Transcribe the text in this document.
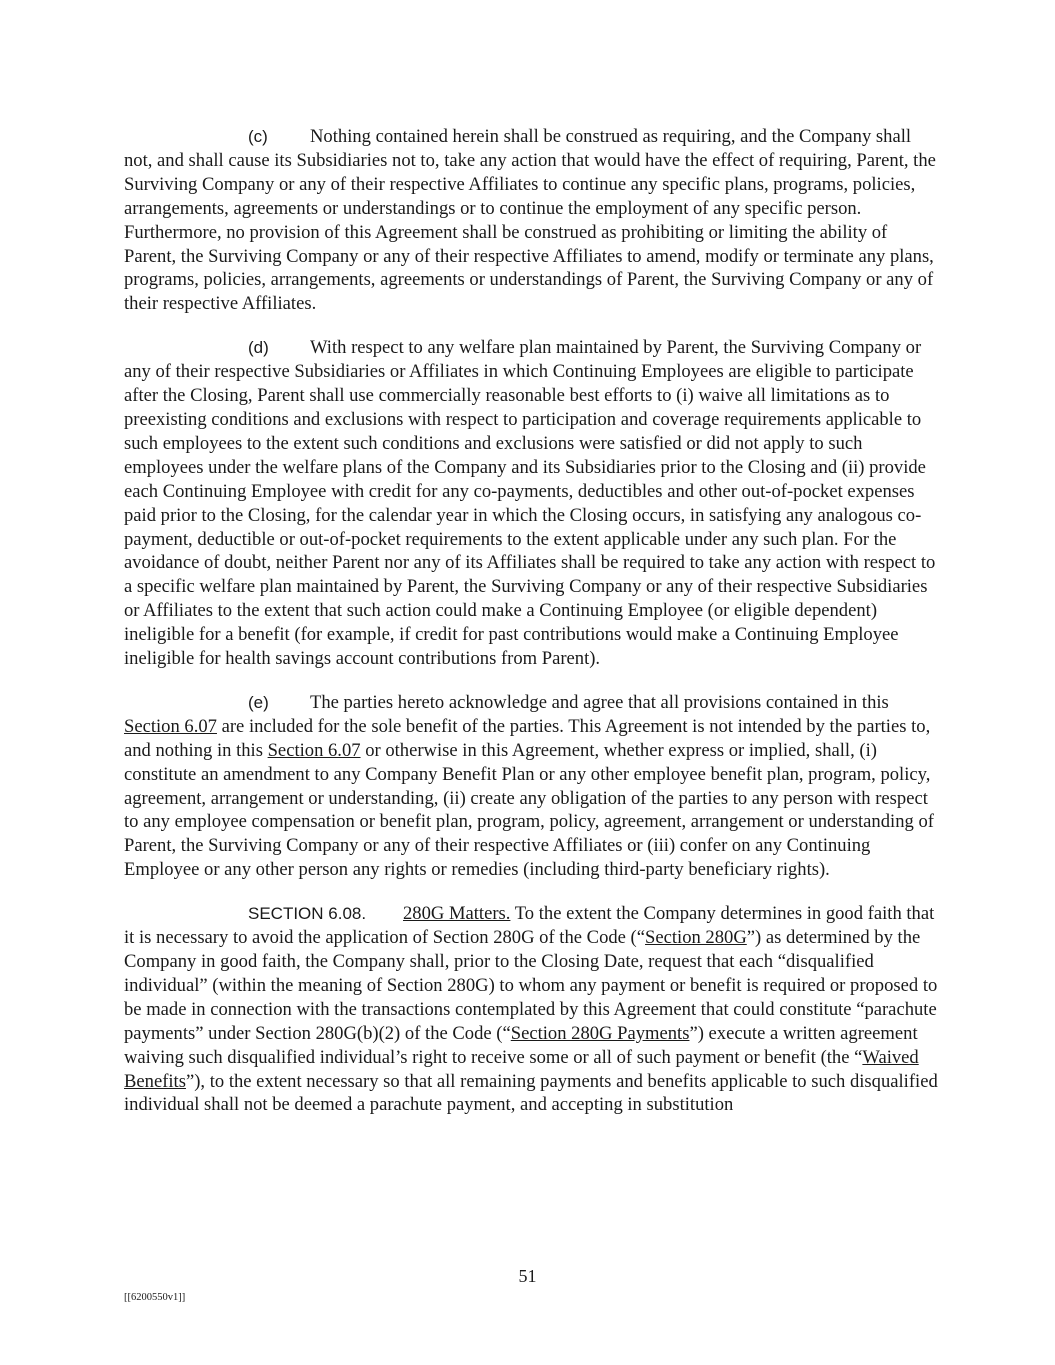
(c) Nothing contained herein shall be construed as requiring, and the Company shall not, and shall cause its Subsidiaries not to, take any action that would have the effect of requiring, Parent, the Surviving Company or any of their respective Affiliates to continue any specific plans, programs, policies, arrangements, agreements or understandings or to continue the employment of any specific person. Furthermore, no provision of this Agreement shall be construed as prohibiting or limiting the ability of Parent, the Surviving Company or any of their respective Affiliates to amend, modify or terminate any plans, programs, policies, arrangements, agreements or understandings of Parent, the Surviving Company or any of their respective Affiliates.

(d) With respect to any welfare plan maintained by Parent, the Surviving Company or any of their respective Subsidiaries or Affiliates in which Continuing Employees are eligible to participate after the Closing, Parent shall use commercially reasonable best efforts to (i) waive all limitations as to preexisting conditions and exclusions with respect to participation and coverage requirements applicable to such employees to the extent such conditions and exclusions were satisfied or did not apply to such employees under the welfare plans of the Company and its Subsidiaries prior to the Closing and (ii) provide each Continuing Employee with credit for any co-payments, deductibles and other out-of-pocket expenses paid prior to the Closing, for the calendar year in which the Closing occurs, in satisfying any analogous co-payment, deductible or out-of-pocket requirements to the extent applicable under any such plan. For the avoidance of doubt, neither Parent nor any of its Affiliates shall be required to take any action with respect to a specific welfare plan maintained by Parent, the Surviving Company or any of their respective Subsidiaries or Affiliates to the extent that such action could make a Continuing Employee (or eligible dependent) ineligible for a benefit (for example, if credit for past contributions would make a Continuing Employee ineligible for health savings account contributions from Parent).

(e) The parties hereto acknowledge and agree that all provisions contained in this Section 6.07 are included for the sole benefit of the parties. This Agreement is not intended by the parties to, and nothing in this Section 6.07 or otherwise in this Agreement, whether express or implied, shall, (i) constitute an amendment to any Company Benefit Plan or any other employee benefit plan, program, policy, agreement, arrangement or understanding, (ii) create any obligation of the parties to any person with respect to any employee compensation or benefit plan, program, policy, agreement, arrangement or understanding of Parent, the Surviving Company or any of their respective Affiliates or (iii) confer on any Continuing Employee or any other person any rights or remedies (including third-party beneficiary rights).

SECTION 6.08. 280G Matters. To the extent the Company determines in good faith that it is necessary to avoid the application of Section 280G of the Code (“Section 280G”) as determined by the Company in good faith, the Company shall, prior to the Closing Date, request that each “disqualified individual” (within the meaning of Section 280G) to whom any payment or benefit is required or proposed to be made in connection with the transactions contemplated by this Agreement that could constitute “parachute payments” under Section 280G(b)(2) of the Code (“Section 280G Payments”) execute a written agreement waiving such disqualified individual’s right to receive some or all of such payment or benefit (the “Waived Benefits”), to the extent necessary so that all remaining payments and benefits applicable to such disqualified individual shall not be deemed a parachute payment, and accepting in substitution

51
[[6200550v1]]
